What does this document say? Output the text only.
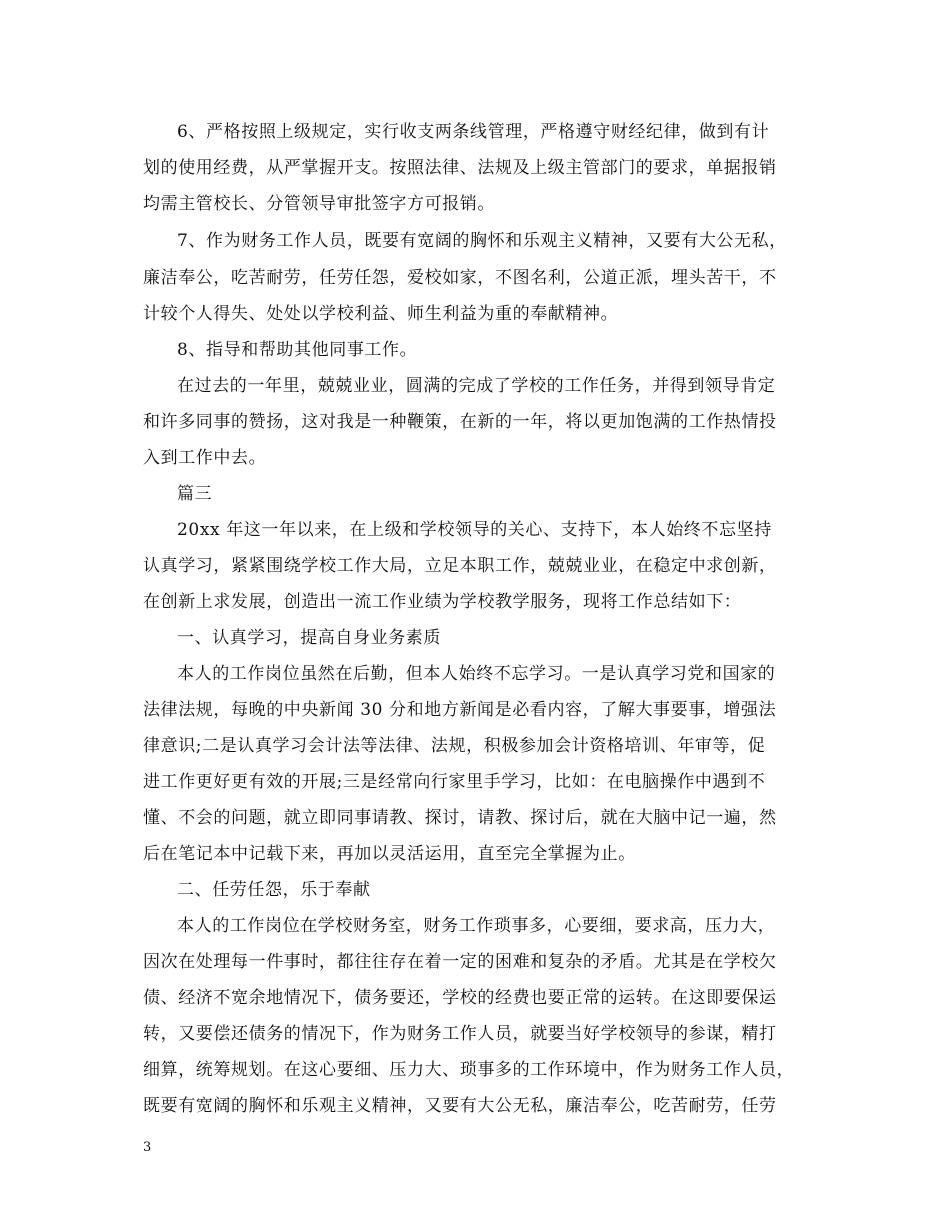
6、严格按照上级规定，实行收支两条线管理，严格遵守财经纪律，做到有计
划的使用经费，从严掌握开支。按照法律、法规及上级主管部门的要求，单据报销
均需主管校长、分管领导审批签字方可报销。
7、作为财务工作人员，既要有宽阔的胸怀和乐观主义精神，又要有大公无私，
廉洁奉公，吃苦耐劳，任劳任怨，爱校如家，不图名利，公道正派，埋头苦干，不
计较个人得失、处处以学校利益、师生利益为重的奉献精神。
8、指导和帮助其他同事工作。
在过去的一年里，兢兢业业，圆满的完成了学校的工作任务，并得到领导肯定
和许多同事的赞扬，这对我是一种鞭策，在新的一年，将以更加饱满的工作热情投
入到工作中去。
篇三
20xx 年这一年以来，在上级和学校领导的关心、支持下，本人始终不忘坚持
认真学习，紧紧围绕学校工作大局，立足本职工作，兢兢业业，在稳定中求创新，
在创新上求发展，创造出一流工作业绩为学校教学服务，现将工作总结如下：
一、认真学习，提高自身业务素质
本人的工作岗位虽然在后勤，但本人始终不忘学习。一是认真学习党和国家的
法律法规，每晚的中央新闻 30 分和地方新闻是必看内容，了解大事要事，增强法
律意识;二是认真学习会计法等法律、法规，积极参加会计资格培训、年审等，促
进工作更好更有效的开展;三是经常向行家里手学习，比如：在电脑操作中遇到不
懂、不会的问题，就立即同事请教、探讨，请教、探讨后，就在大脑中记一遍，然
后在笔记本中记载下来，再加以灵活运用，直至完全掌握为止。
二、任劳任怨，乐于奉献
本人的工作岗位在学校财务室，财务工作琐事多，心要细，要求高，压力大，
因次在处理每一件事时，都往往存在着一定的困难和复杂的矛盾。尤其是在学校欠
债、经济不宽余地情况下，债务要还，学校的经费也要正常的运转。在这即要保运
转，又要偿还债务的情况下，作为财务工作人员，就要当好学校领导的参谋，精打
细算，统筹规划。在这心要细、压力大、琐事多的工作环境中，作为财务工作人员，
既要有宽阔的胸怀和乐观主义精神，又要有大公无私，廉洁奉公，吃苦耐劳，任劳
3
